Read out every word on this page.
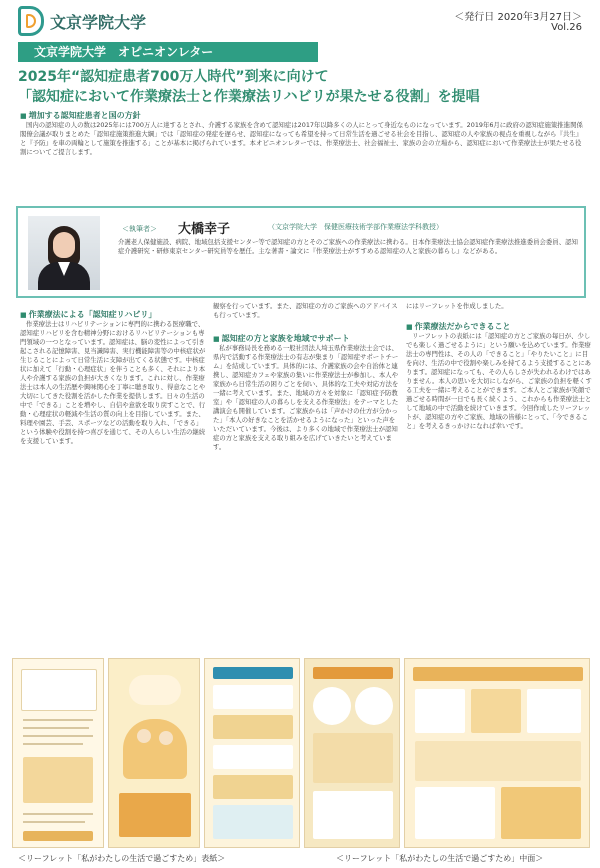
文京学院大学	＜発行日 2020年3月27日＞
Vol.26
文京学院大学　オピニオンレター
2025年“認知症患者700万人時代”到来に向けて
「認知症において作業療法士と作業療法リハビリが果たせる役割」を提唱
■ 増加する認知症患者と国の方針
国内の認知症の人の数は2025年には700万人に達するとされ、介護する家族を含めて認知症は2017年以降多くの人にとって身近なものになっています。2019年6月に政府の認知症施策推進関係閣僚会議が取りまとめた「認知症施策推進大綱」では「認知症の発症を遅らせ、認知症になっても希望を持って日常生活を過ごせる社会を目指し、認知症の人や家族の視点を重視しながら『共生』と『予防』を車の両輪として施策を推進する」ことが基本に掲げられています。本オピニオンレターでは、作業療法士、社会福祉士、家族の会の立場から、認知症において作業療法士が果たせる役割についてご提言します。
＜執筆者＞ 大橋幸子	（文京学院大学　保健医療技術学部作業療法学科教授）
介護老人保健施設、病院、地域包括支援センター等で認知症の方とそのご家族への作業療法に携わる。日本作業療法士協会認知症作業療法推進委員会委員、認知症介護研究・研修東京センター研究員等を歴任。主な著書・論文に『作業療法士がすすめる認知症の人と家族の暮らし』などがある。
■ 作業療法による「認知症リハビリ」
作業療法士はリハビリテーションに専門的に携わる医療職で、認知症リハビリを含む精神分野におけるリハビリテーションも専門領域の一つとなっています。認知症は、脳の変性によって引き起こされる記憶障害、見当識障害、実行機能障害等の中核症状が生じることによって日常生活に支障が出てくる状態です。中核症状に加えて「行動・心理症状」を伴うことも多く、それにより本人や介護する家族の負担が大きくなります。これに対し、作業療法士は本人の生活歴や興味関心を丁寧に聴き取り、得意なことや大切にしてきた役割を活かした作業を提供します。日々の生活の中で「できる」ことを増やし、自信や意欲を取り戻すことで、行動・心理症状の軽減や生活の質の向上を目指しています。また、料理や園芸、手芸、スポーツなどの活動を取り入れ、「できる」という体験や役割を持つ喜びを通じて、その人らしい生活の継続を支援しています。
観察を行っています。また、認知症の方のご家族へのアドバイスも行っています。
■ 認知症の方と家族を地域でサポート
私が事務局長を務める一般社団法人埼玉県作業療法士会では、県内で活動する作業療法士の有志が集まり「認知症サポートチーム」を結成しています。具体的には、介護家族の会や自治体と連携し、認知症カフェや家族の集いに作業療法士が参加し、本人や家族から日常生活の困りごとを伺い、具体的な工夫や対応方法を一緒に考えています。また、地域の方々を対象に「認知症予防教室」や「認知症の人の暮らしを支える作業療法」をテーマとした講演会も開催しています。ご家族からは「声かけの仕方が分かった」「本人の好きなことを活かせるようになった」といった声をいただいています。今後は、より多くの地域で作業療法士が認知症の方と家族を支える取り組みを広げていきたいと考えています。
にはリーフレットを作成しました。
■ 作業療法だからできること
リーフレットの表紙には「認知症の方とご家族の毎日が、少しでも楽しく過ごせるように」という願いを込めています。作業療法士の専門性は、その人の「できること」「やりたいこと」に目を向け、生活の中で役割や楽しみを持てるよう支援することにあります。認知症になっても、その人らしさが失われるわけではありません。本人の思いを大切にしながら、ご家族の負担を軽くする工夫を一緒に考えることができます。ご本人とご家族が笑顔で過ごせる時間が一日でも長く続くよう、これからも作業療法士として地域の中で活動を続けていきます。今回作成したリーフレットが、認知症の方やご家族、地域の皆様にとって、「今できること」を考えるきっかけになれば幸いです。
＜リーフレット「私がわたしの生活で過ごすため」表紙＞	＜リーフレット「私がわたしの生活で過ごすため」中面＞
